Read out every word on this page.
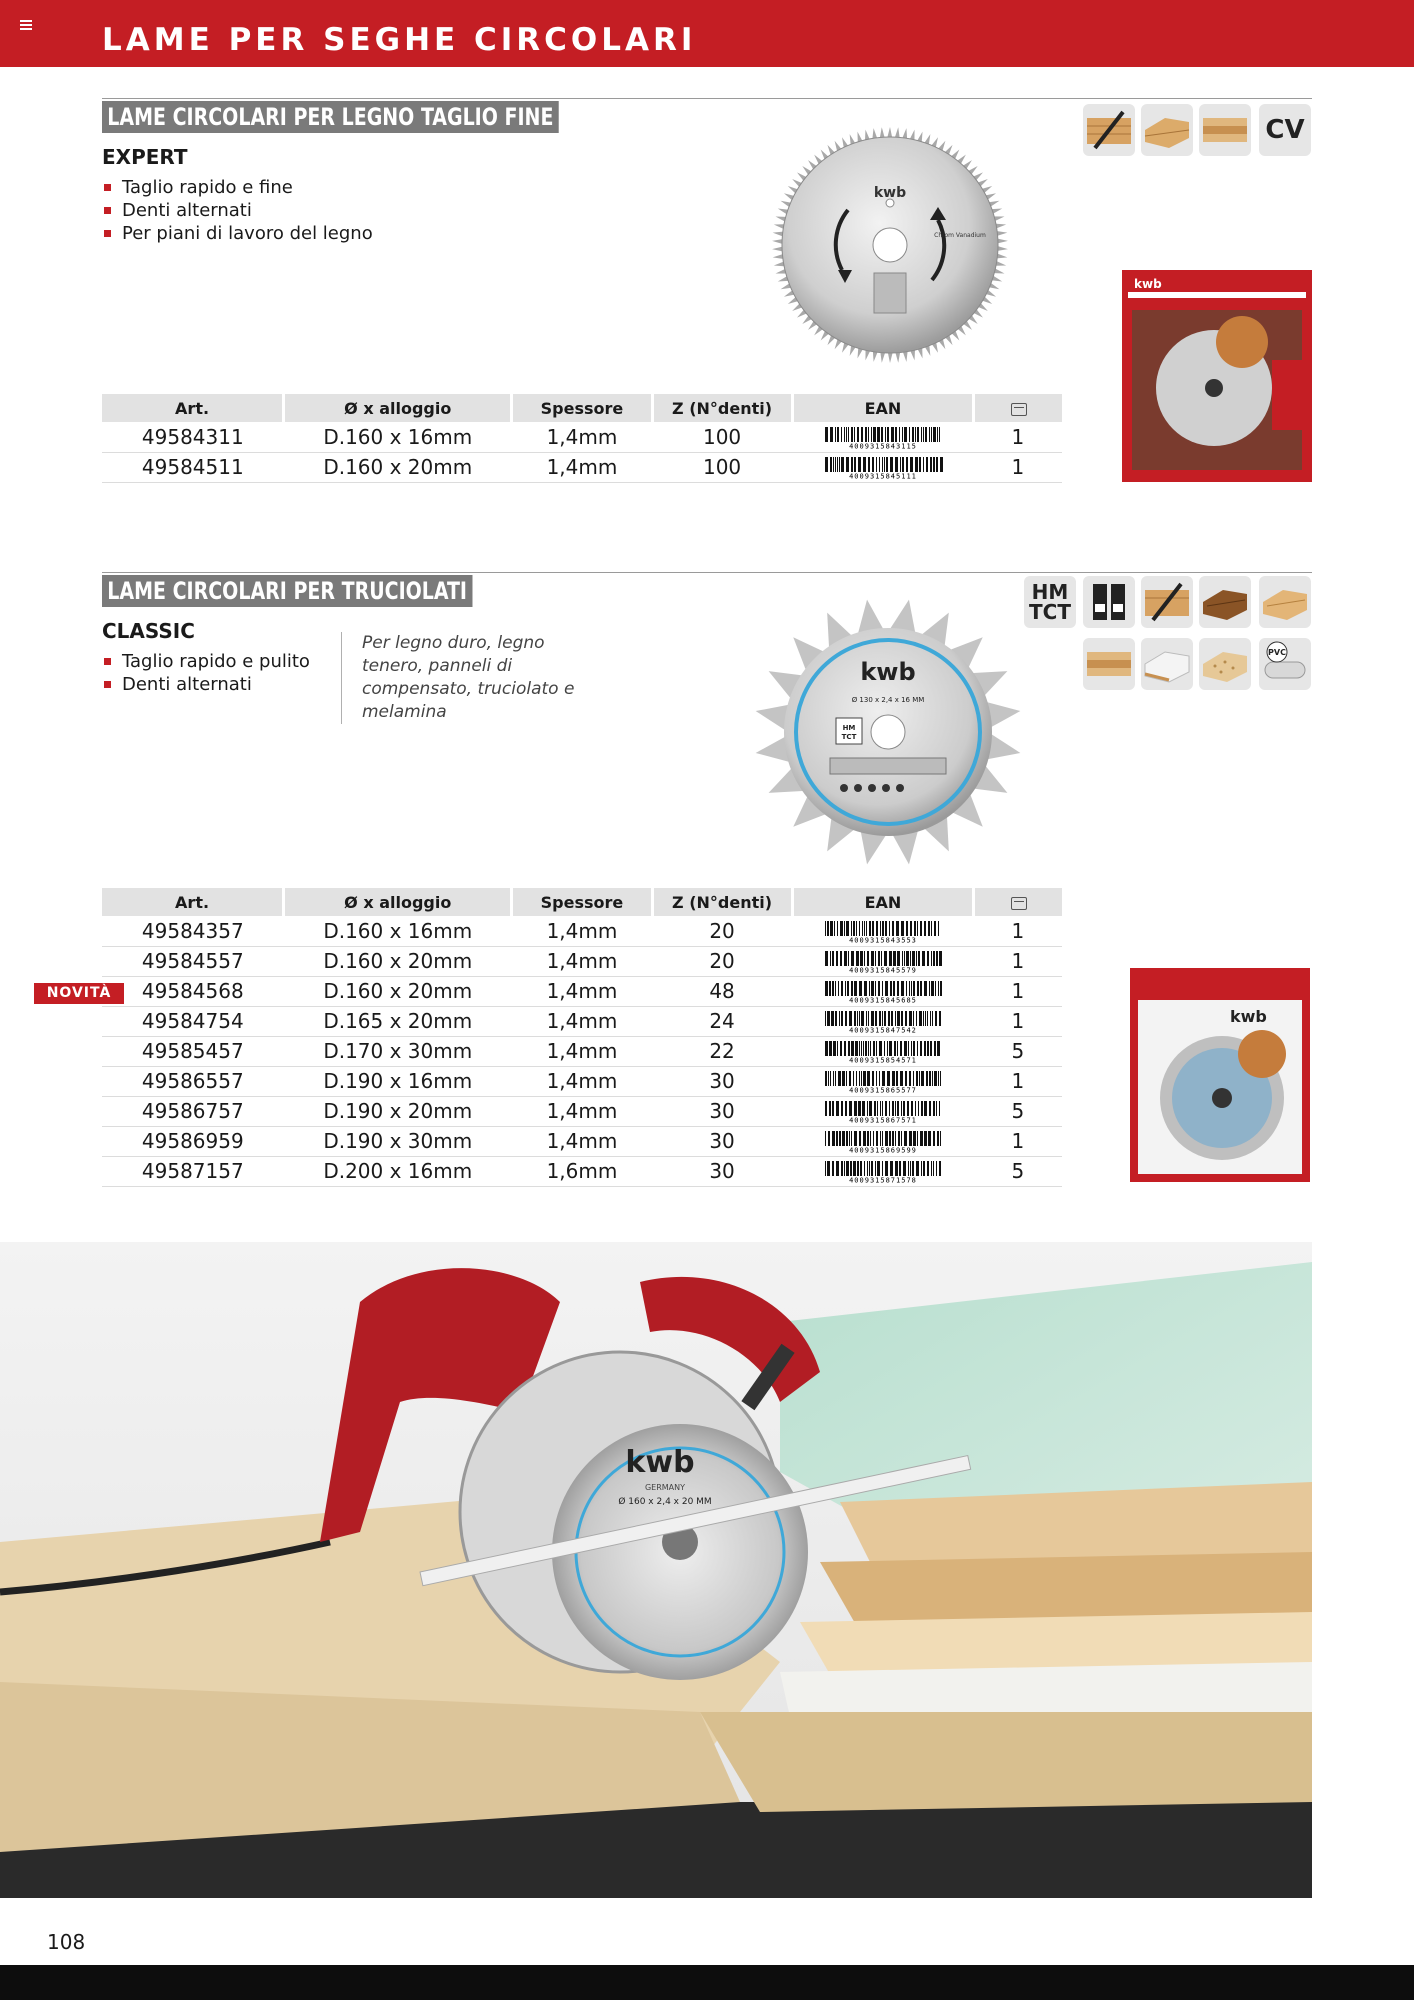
LAME PER SEGHE CIRCOLARI
LAME CIRCOLARI PER LEGNO TAGLIO FINE
EXPERT
Taglio rapido e fine
Denti alternati
Per piani di lavoro del legno
kwb
Chrom Vanadium
CV
kwb
Art.	Ø x alloggio	Spessore	Z (N°denti)	EAN	
49584311	D.160 x 16mm	1,4mm	100	4009315843115	1
49584511	D.160 x 20mm	1,4mm	100	4009315845111	1
LAME CIRCOLARI PER TRUCIOLATI
CLASSIC
Taglio rapido e pulito
Denti alternati
Per legno duro, legno tenero, panneli di compensato, truciolato e melamina
kwb
Ø 130 x 2,4 x 16 MM
HM
TCT
HM
TCT
PVC
kwb
Art.	Ø x alloggio	Spessore	Z (N°denti)	EAN	
49584357	D.160 x 16mm	1,4mm	20	4009315843553	1
49584557	D.160 x 20mm	1,4mm	20	4009315845579	1
49584568	D.160 x 20mm	1,4mm	48	4009315845685	1
49584754	D.165 x 20mm	1,4mm	24	4009315847542	1
49585457	D.170 x 30mm	1,4mm	22	4009315854571	5
49586557	D.190 x 16mm	1,4mm	30	4009315865577	1
49586757	D.190 x 20mm	1,4mm	30	4009315867571	5
49586959	D.190 x 30mm	1,4mm	30	4009315869599	1
49587157	D.200 x 16mm	1,6mm	30	4009315871578	5
NOVITÀ
kwb
GERMANY
Ø 160 x 2,4 x 20 MM
108
